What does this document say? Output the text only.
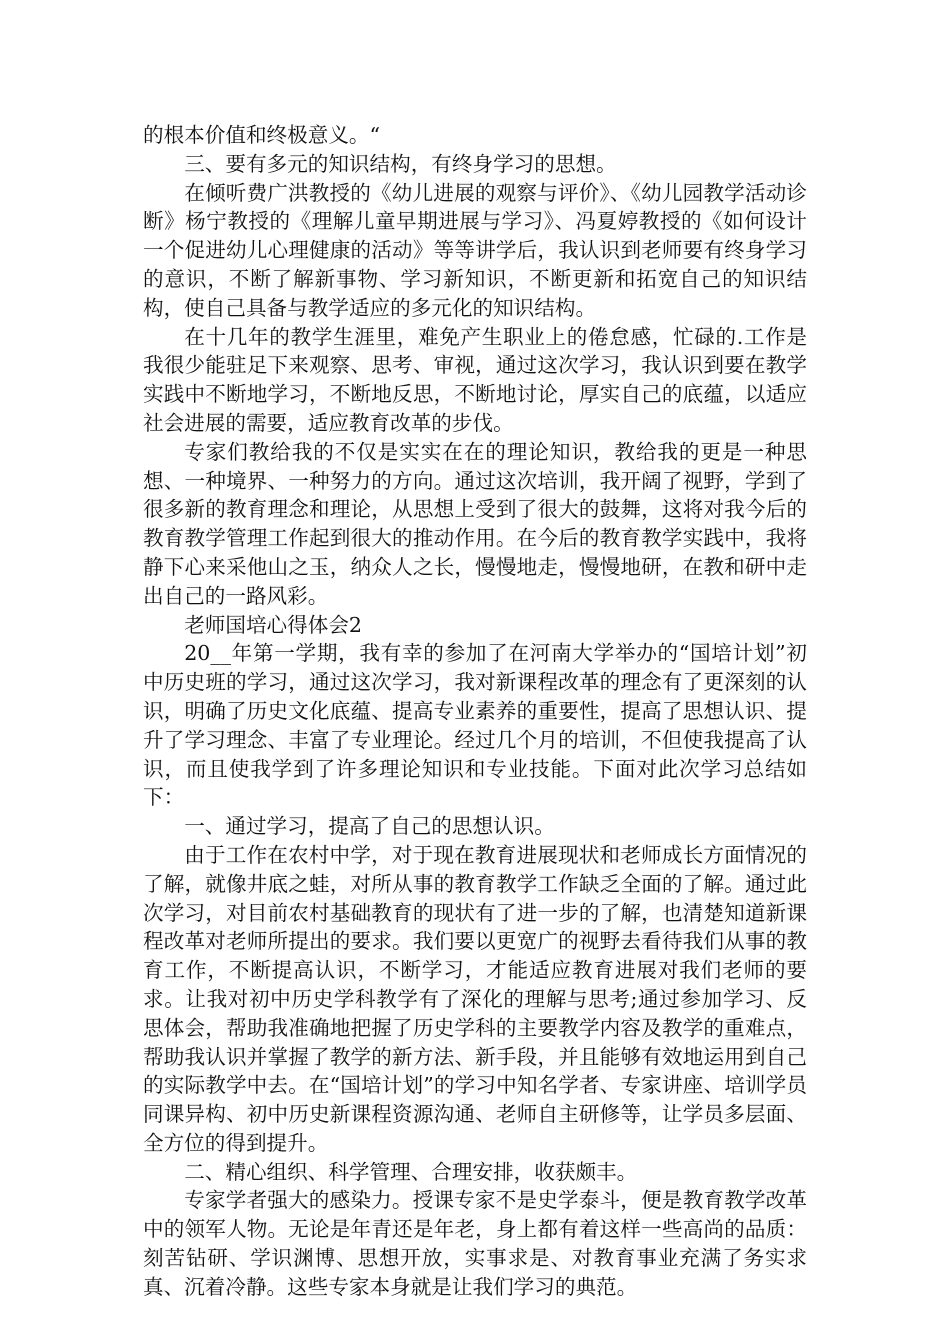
的根本价值和终极意义。“

三、要有多元的知识结构，有终身学习的思想。

在倾听费广洪教授的《幼儿进展的观察与评价》、《幼儿园教学活动诊断》杨宁教授的《理解儿童早期进展与学习》、冯夏婷教授的《如何设计一个促进幼儿心理健康的活动》等等讲学后，我认识到老师要有终身学习的意识，不断了解新事物、学习新知识，不断更新和拓宽自己的知识结构，使自己具备与教学适应的多元化的知识结构。

在十几年的教学生涯里，难免产生职业上的倦怠感，忙碌的.工作是我很少能驻足下来观察、思考、审视，通过这次学习，我认识到要在教学实践中不断地学习，不断地反思，不断地讨论，厚实自己的底蕴，以适应社会进展的需要，适应教育改革的步伐。

专家们教给我的不仅是实实在在的理论知识，教给我的更是一种思想、一种境界、一种努力的方向。通过这次培训，我开阔了视野，学到了很多新的教育理念和理论，从思想上受到了很大的鼓舞，这将对我今后的教育教学管理工作起到很大的推动作用。在今后的教育教学实践中，我将静下心来采他山之玉，纳众人之长，慢慢地走，慢慢地研，在教和研中走出自己的一路风彩。

老师国培心得体会2

20__年第一学期，我有幸的参加了在河南大学举办的“国培计划”初中历史班的学习，通过这次学习，我对新课程改革的理念有了更深刻的认识，明确了历史文化底蕴、提高专业素养的重要性，提高了思想认识、提升了学习理念、丰富了专业理论。经过几个月的培训，不但使我提高了认识，而且使我学到了许多理论知识和专业技能。下面对此次学习总结如下：

一、通过学习，提高了自己的思想认识。

由于工作在农村中学，对于现在教育进展现状和老师成长方面情况的了解，就像井底之蛙，对所从事的教育教学工作缺乏全面的了解。通过此次学习，对目前农村基础教育的现状有了进一步的了解，也清楚知道新课程改革对老师所提出的要求。我们要以更宽广的视野去看待我们从事的教育工作，不断提高认识，不断学习，才能适应教育进展对我们老师的要求。让我对初中历史学科教学有了深化的理解与思考;通过参加学习、反思体会，帮助我准确地把握了历史学科的主要教学内容及教学的重难点，帮助我认识并掌握了教学的新方法、新手段，并且能够有效地运用到自己的实际教学中去。在“国培计划”的学习中知名学者、专家讲座、培训学员同课异构、初中历史新课程资源沟通、老师自主研修等，让学员多层面、全方位的得到提升。

二、精心组织、科学管理、合理安排，收获颇丰。

专家学者强大的感染力。授课专家不是史学泰斗，便是教育教学改革中的领军人物。无论是年青还是年老，身上都有着这样一些高尚的品质：刻苦钻研、学识渊博、思想开放，实事求是、对教育事业充满了务实求真、沉着冷静。这些专家本身就是让我们学习的典范。
